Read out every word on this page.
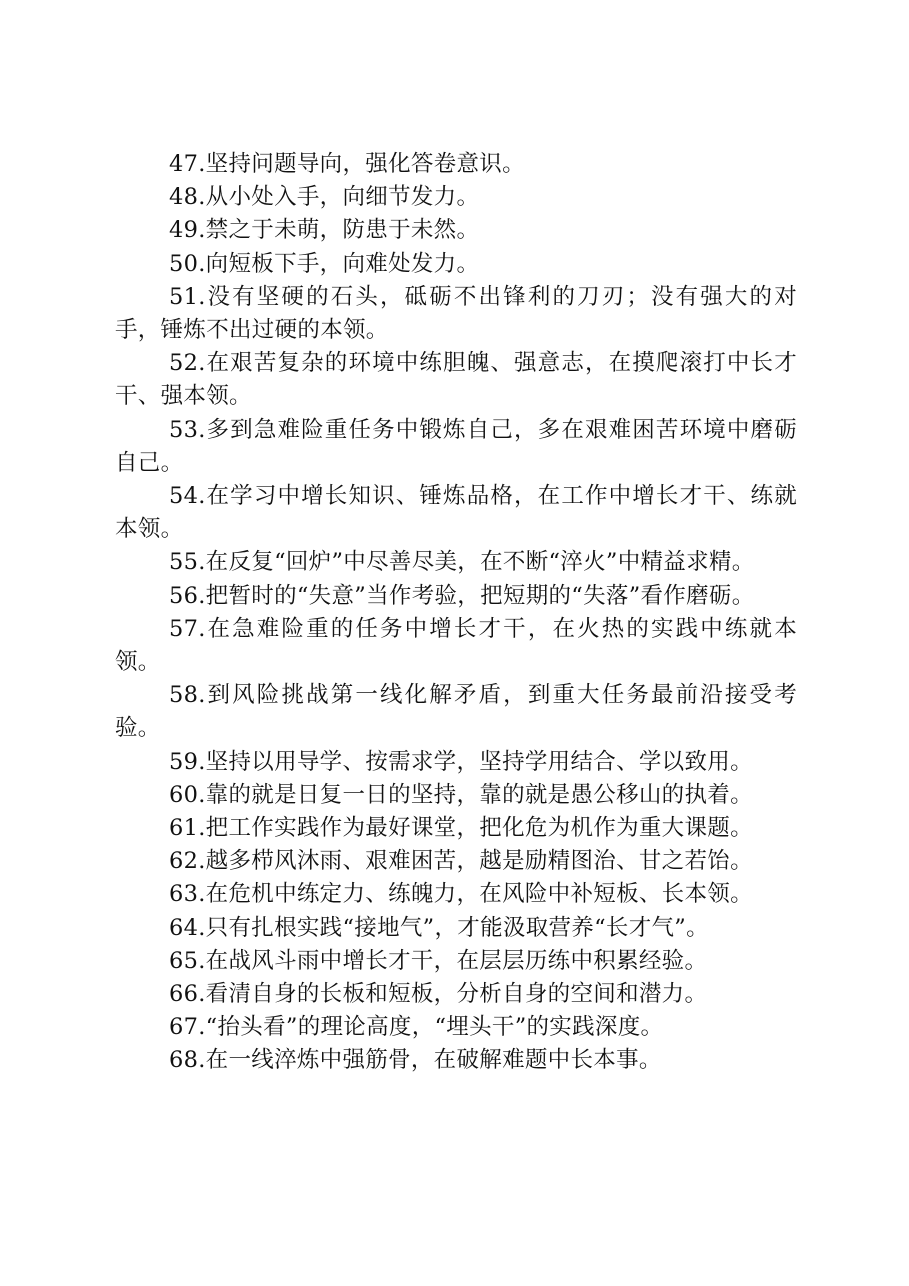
47.坚持问题导向，强化答卷意识。

48.从小处入手，向细节发力。

49.禁之于未萌，防患于未然。

50.向短板下手，向难处发力。

51.没有坚硬的石头，砥砺不出锋利的刀刃；没有强大的对手，锤炼不出过硬的本领。

52.在艰苦复杂的环境中练胆魄、强意志，在摸爬滚打中长才干、强本领。

53.多到急难险重任务中锻炼自己，多在艰难困苦环境中磨砺自己。

54.在学习中增长知识、锤炼品格，在工作中增长才干、练就本领。

55.在反复“回炉”中尽善尽美，在不断“淬火”中精益求精。

56.把暂时的“失意”当作考验，把短期的“失落”看作磨砺。

57.在急难险重的任务中增长才干，在火热的实践中练就本领。

58.到风险挑战第一线化解矛盾，到重大任务最前沿接受考验。

59.坚持以用导学、按需求学，坚持学用结合、学以致用。

60.靠的就是日复一日的坚持，靠的就是愚公移山的执着。

61.把工作实践作为最好课堂，把化危为机作为重大课题。

62.越多栉风沐雨、艰难困苦，越是励精图治、甘之若饴。

63.在危机中练定力、练魄力，在风险中补短板、长本领。

64.只有扎根实践“接地气”，才能汲取营养“长才气”。

65.在战风斗雨中增长才干，在层层历练中积累经验。

66.看清自身的长板和短板，分析自身的空间和潜力。

67.“抬头看”的理论高度，“埋头干”的实践深度。

68.在一线淬炼中强筋骨，在破解难题中长本事。
